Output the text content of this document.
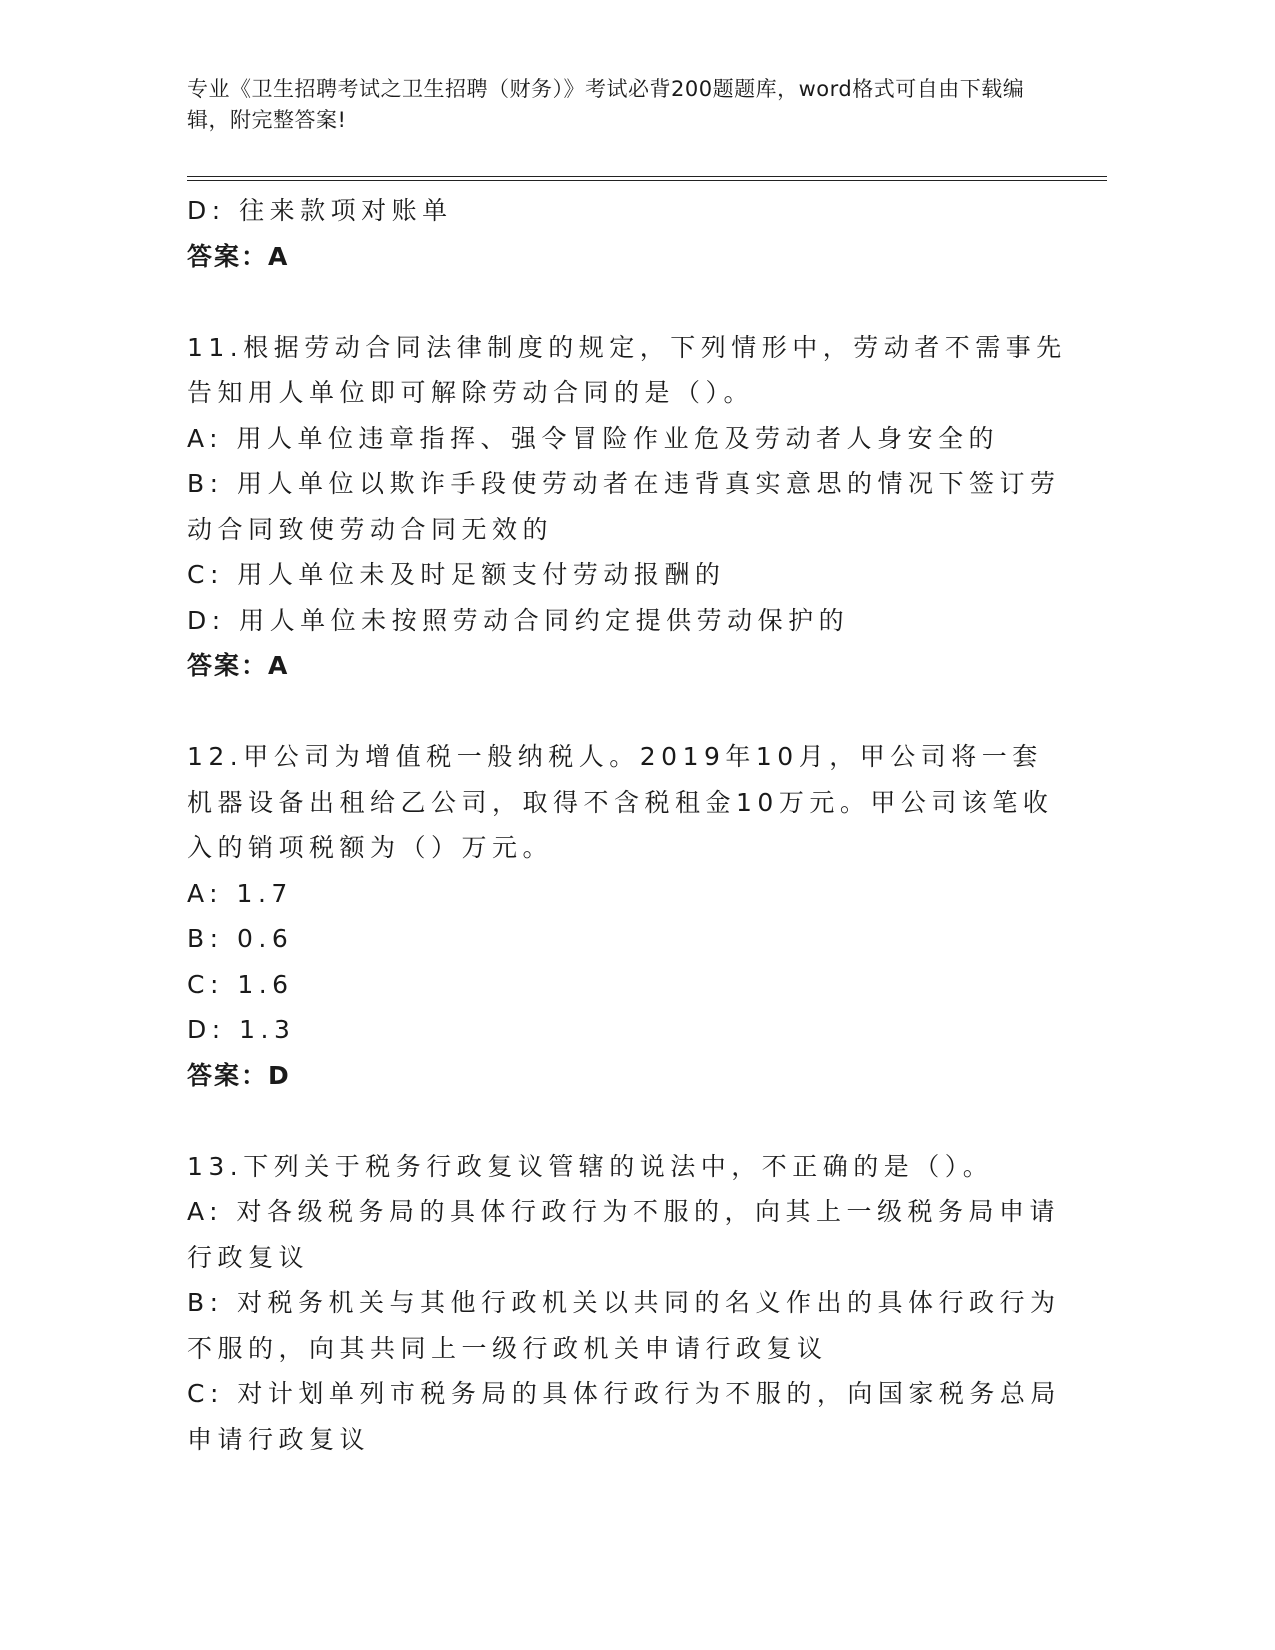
专业《卫生招聘考试之卫生招聘（财务）》考试必背200题题库，word格式可自由下载编辑，附完整答案!

D: 往来款项对账单

答案：A

11.根据劳动合同法律制度的规定，下列情形中，劳动者不需事先告知用人单位即可解除劳动合同的是（）。

A: 用人单位违章指挥、强令冒险作业危及劳动者人身安全的

B: 用人单位以欺诈手段使劳动者在违背真实意思的情况下签订劳动合同致使劳动合同无效的

C: 用人单位未及时足额支付劳动报酬的

D: 用人单位未按照劳动合同约定提供劳动保护的

答案：A

12.甲公司为增值税一般纳税人。2019年10月，甲公司将一套机器设备出租给乙公司，取得不含税租金10万元。甲公司该笔收入的销项税额为（）万元。

A: 1.7

B: 0.6

C: 1.6

D: 1.3

答案：D

13.下列关于税务行政复议管辖的说法中，不正确的是（）。

A: 对各级税务局的具体行政行为不服的，向其上一级税务局申请行政复议

B: 对税务机关与其他行政机关以共同的名义作出的具体行政行为不服的，向其共同上一级行政机关申请行政复议

C: 对计划单列市税务局的具体行政行为不服的，向国家税务总局申请行政复议
